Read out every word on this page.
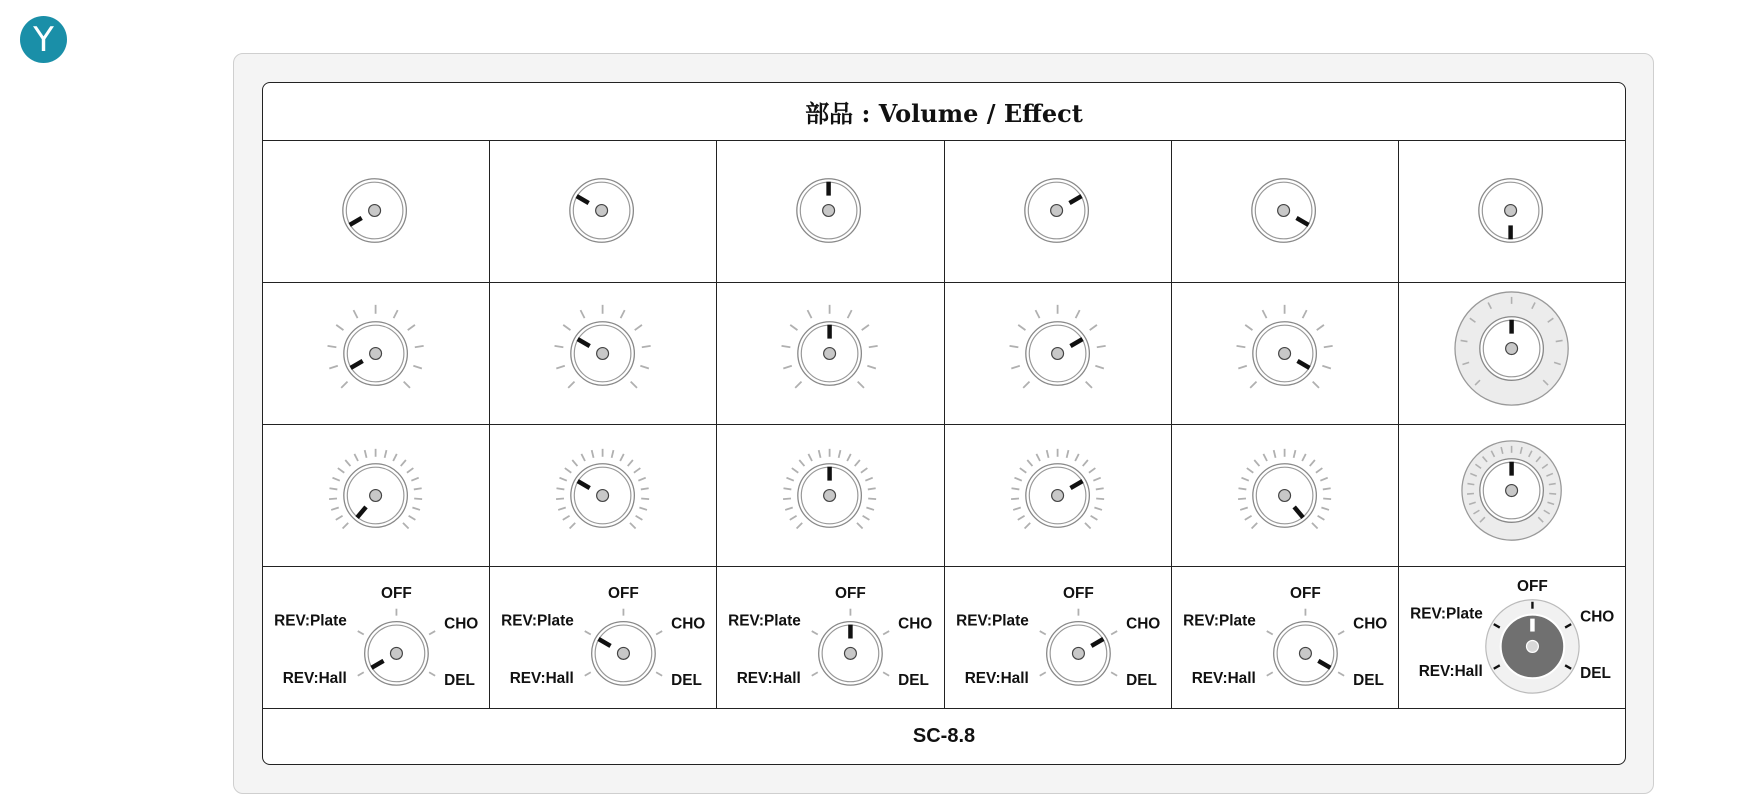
Y
部品 : Volume / Effect
OFF
CHO
DEL
REV:Plate
REV:Hall
OFF
CHO
DEL
REV:Plate
REV:Hall
OFF
CHO
DEL
REV:Plate
REV:Hall
OFF
CHO
DEL
REV:Plate
REV:Hall
OFF
CHO
DEL
REV:Plate
REV:Hall
OFF
CHO
DEL
REV:Plate
REV:Hall
SC-8.8
